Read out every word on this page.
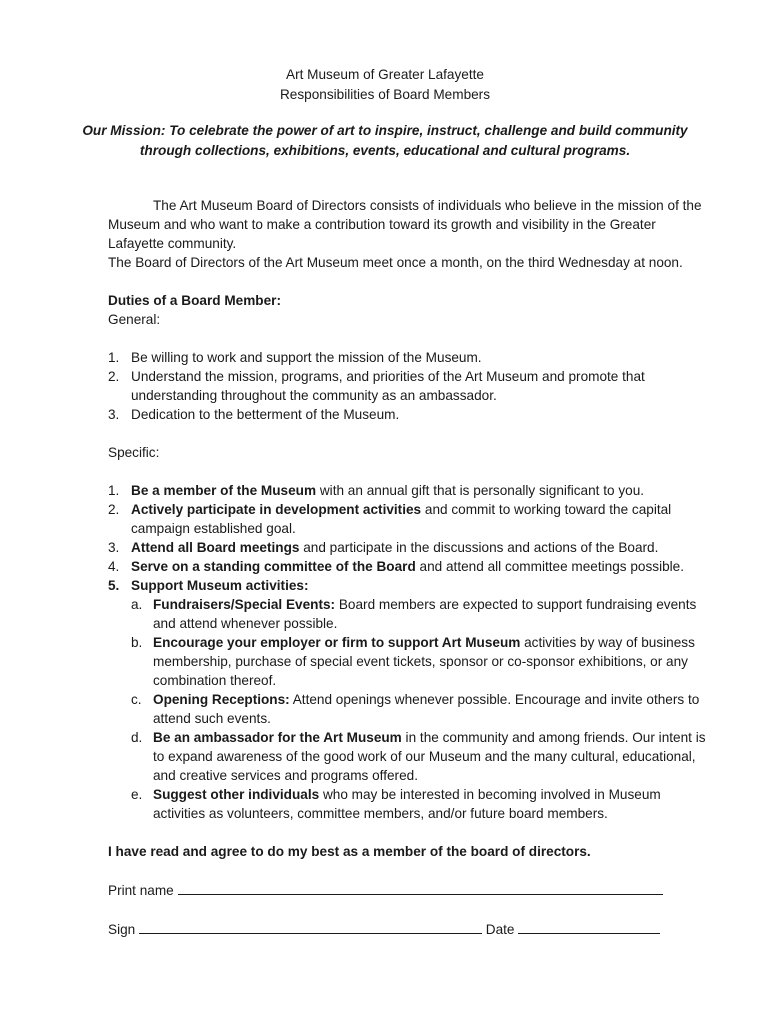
Art Museum of Greater Lafayette
Responsibilities of Board Members
Our Mission: To celebrate the power of art to inspire, instruct, challenge and build community
through collections, exhibitions, events, educational and cultural programs.

The Art Museum Board of Directors consists of individuals who believe in the mission of the Museum and who want to make a contribution toward its growth and visibility in the Greater Lafayette community.

The Board of Directors of the Art Museum meet once a month, on the third Wednesday at noon.

Duties of a Board Member:

General:

1. Be willing to work and support the mission of the Museum.
2. Understand the mission, programs, and priorities of the Art Museum and promote that understanding throughout the community as an ambassador.
3. Dedication to the betterment of the Museum.

Specific:

1. Be a member of the Museum with an annual gift that is personally significant to you.
2. Actively participate in development activities and commit to working toward the capital campaign established goal.
3. Attend all Board meetings and participate in the discussions and actions of the Board.
4. Serve on a standing committee of the Board and attend all committee meetings possible.
5. Support Museum activities:
a. Fundraisers/Special Events: Board members are expected to support fundraising events and attend whenever possible.
b. Encourage your employer or firm to support Art Museum activities by way of business membership, purchase of special event tickets, sponsor or co-sponsor exhibitions, or any combination thereof.
c. Opening Receptions: Attend openings whenever possible. Encourage and invite others to attend such events.
d. Be an ambassador for the Art Museum in the community and among friends. Our intent is to expand awareness of the good work of our Museum and the many cultural, educational, and creative services and programs offered.
e. Suggest other individuals who may be interested in becoming involved in Museum activities as volunteers, committee members, and/or future board members.

I have read and agree to do my best as a member of the board of directors.

Print name

Sign	Date
